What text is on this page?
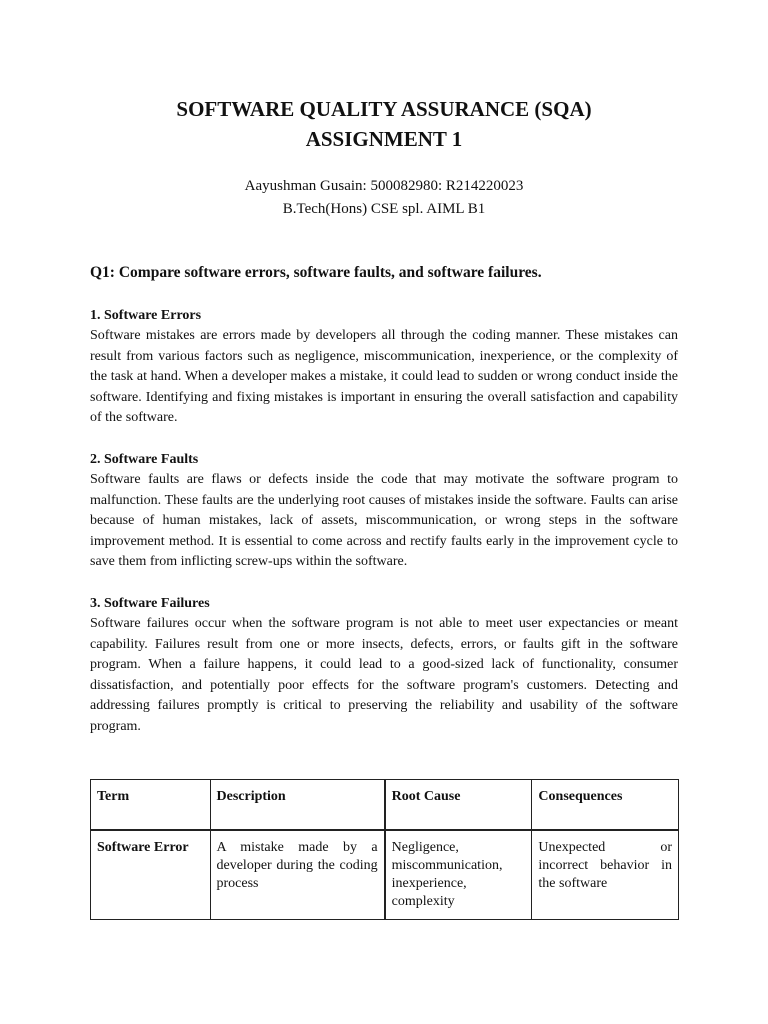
SOFTWARE QUALITY ASSURANCE (SQA)
ASSIGNMENT 1
Aayushman Gusain: 500082980: R214220023
B.Tech(Hons) CSE spl. AIML B1
Q1: Compare software errors, software faults, and software failures.
1. Software Errors

Software mistakes are errors made by developers all through the coding manner. These mistakes can result from various factors such as negligence, miscommunication, inexperience, or the complexity of the task at hand. When a developer makes a mistake, it could lead to sudden or wrong conduct inside the software. Identifying and fixing mistakes is important in ensuring the overall satisfaction and capability of the software.

2. Software Faults

Software faults are flaws or defects inside the code that may motivate the software program to malfunction. These faults are the underlying root causes of mistakes inside the software. Faults can arise because of human mistakes, lack of assets, miscommunication, or wrong steps in the software improvement method. It is essential to come across and rectify faults early in the improvement cycle to save them from inflicting screw-ups within the software.

3. Software Failures

Software failures occur when the software program is not able to meet user expectancies or meant capability. Failures result from one or more insects, defects, errors, or faults gift in the software program. When a failure happens, it could lead to a good-sized lack of functionality, consumer dissatisfaction, and potentially poor effects for the software program's customers. Detecting and addressing failures promptly is critical to preserving the reliability and usability of the software program.

Term	Description	Root Cause	Consequences
Software Error	A mistake made by a developer during the coding process	Negligence, miscommunication, inexperience, complexity	Unexpected or incorrect behavior in the software
